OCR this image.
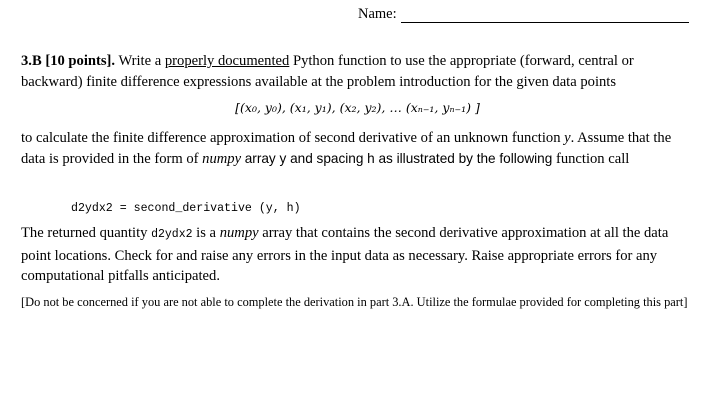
Name:

3.B [10 points]. Write a properly documented Python function to use the appropriate (forward, central or backward) finite difference expressions available at the problem introduction for the given data points

[(x₀, y₀), (x₁, y₁), (x₂, y₂), … (xₙ₋₁, yₙ₋₁) ]

to calculate the finite difference approximation of second derivative of an unknown function y. Assume that the data is provided in the form of numpy array y and spacing h as illustrated by the following function call

d2ydx2 = second_derivative (y, h)

The returned quantity d2ydx2 is a numpy array that contains the second derivative approximation at all the data point locations. Check for and raise any errors in the input data as necessary. Raise appropriate errors for any computational pitfalls anticipated.

[Do not be concerned if you are not able to complete the derivation in part 3.A. Utilize the formulae provided for completing this part]
